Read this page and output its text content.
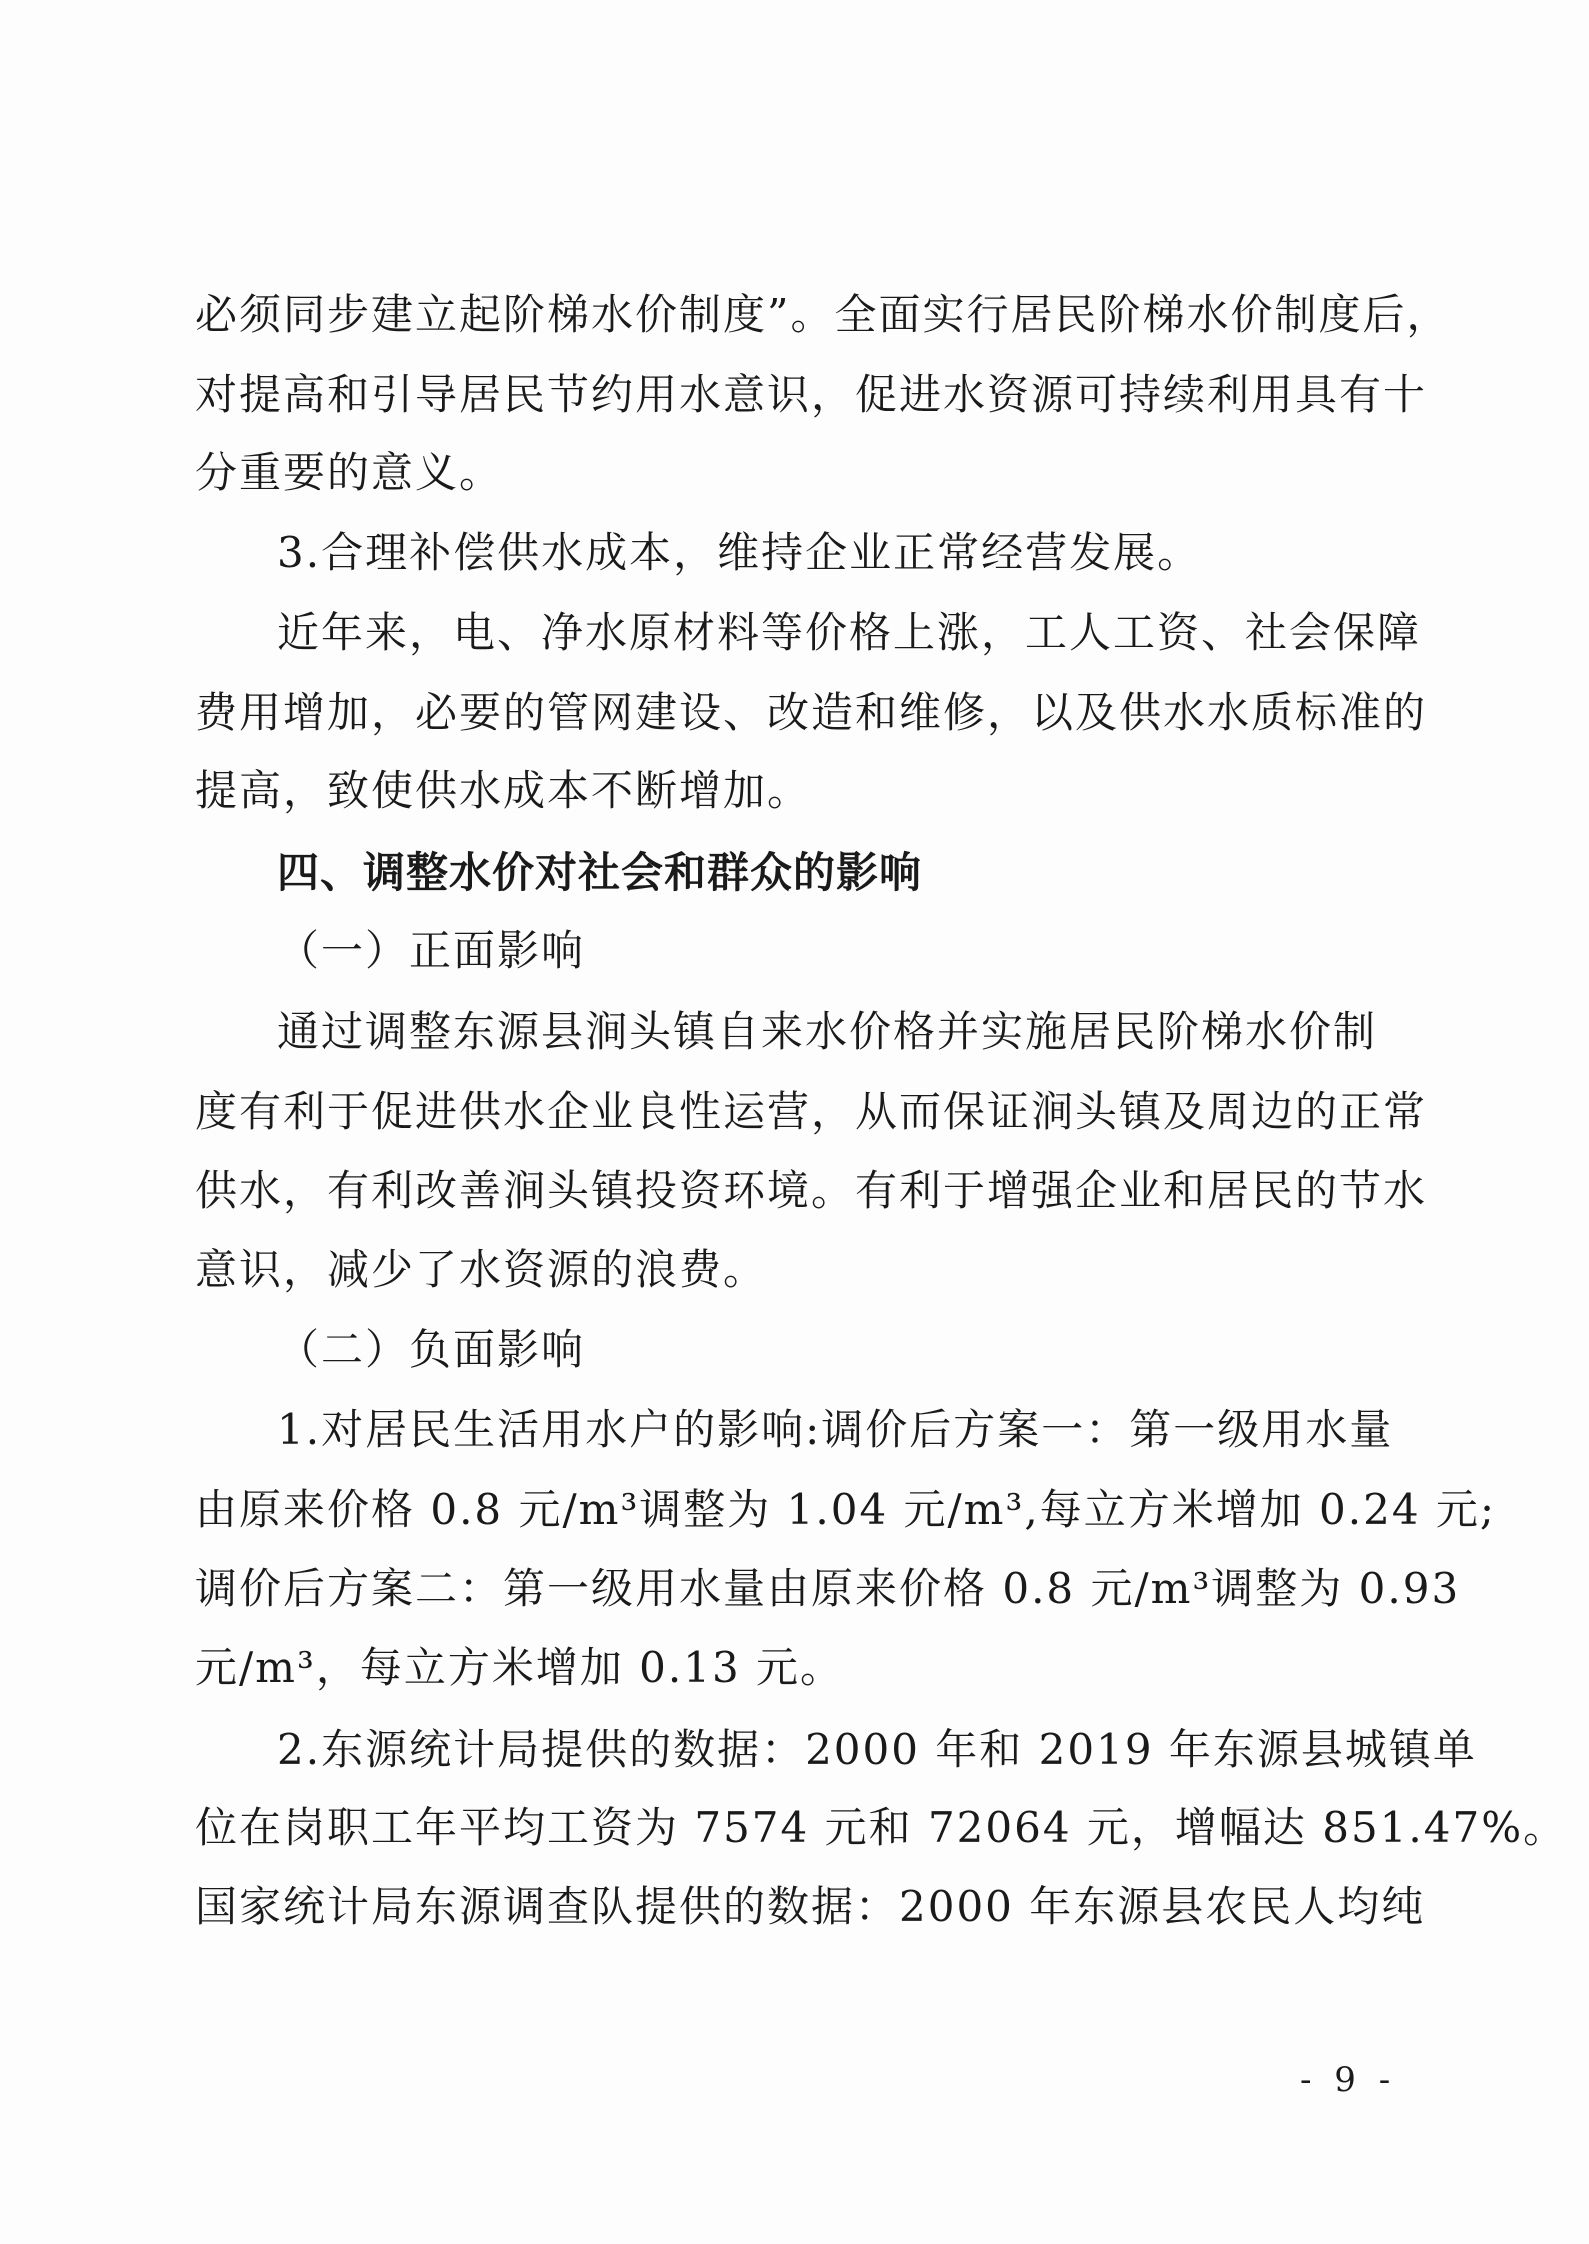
必须同步建立起阶梯水价制度”。全面实行居民阶梯水价制度后，
对提高和引导居民节约用水意识，促进水资源可持续利用具有十
分重要的意义。
3.合理补偿供水成本，维持企业正常经营发展。
近年来，电、净水原材料等价格上涨，工人工资、社会保障
费用增加，必要的管网建设、改造和维修，以及供水水质标准的
提高，致使供水成本不断增加。
四、调整水价对社会和群众的影响
（一）正面影响
通过调整东源县涧头镇自来水价格并实施居民阶梯水价制
度有利于促进供水企业良性运营，从而保证涧头镇及周边的正常
供水，有利改善涧头镇投资环境。有利于增强企业和居民的节水
意识，减少了水资源的浪费。
（二）负面影响
1.对居民生活用水户的影响:调价后方案一：第一级用水量
由原来价格 0.8 元/m³调整为 1.04 元/m³,每立方米增加 0.24 元;
调价后方案二：第一级用水量由原来价格 0.8 元/m³调整为 0.93
元/m³，每立方米增加 0.13 元。
2.东源统计局提供的数据：2000 年和 2019 年东源县城镇单
位在岗职工年平均工资为 7574 元和 72064 元，增幅达 851.47%。
国家统计局东源调查队提供的数据：2000 年东源县农民人均纯
- 9 -
